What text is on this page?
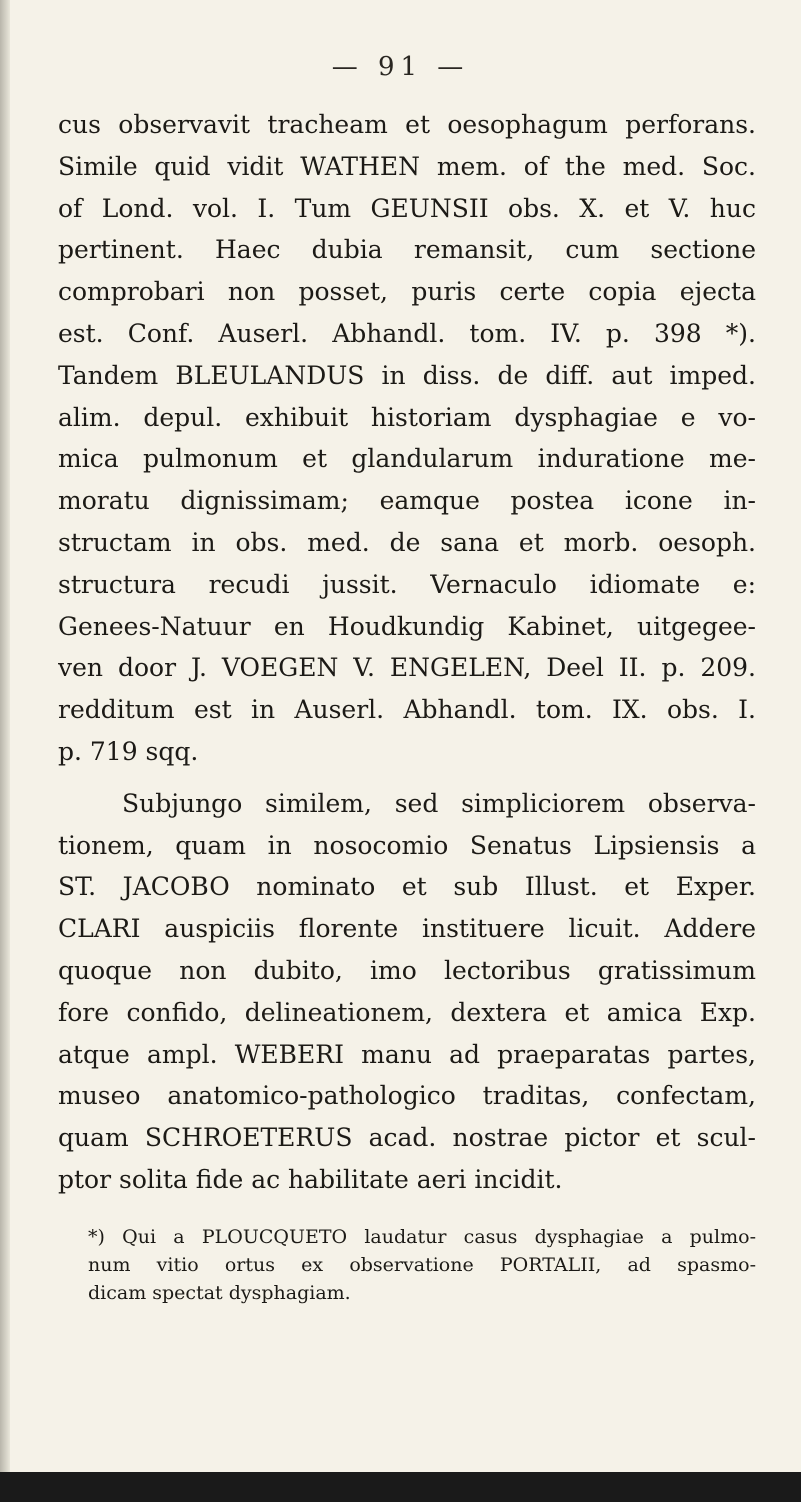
— 91 —
cus observavit tracheam et oesophagum perforans.
Simile quid vidit WATHEN mem. of the med. Soc.
of Lond. vol. I. Tum GEUNSII obs. X. et V. huc
pertinent. Haec dubia remansit, cum sectione
comprobari non posset, puris certe copia ejecta
est. Conf. Auserl. Abhandl. tom. IV. p. 398 *).
Tandem BLEULANDUS in diss. de diff. aut imped.
alim. depul. exhibuit historiam dysphagiae e vo-
mica pulmonum et glandularum induratione me-
moratu dignissimam; eamque postea icone in-
structam in obs. med. de sana et morb. oesoph.
structura recudi jussit. Vernaculo idiomate e:
Genees-Natuur en Houdkundig Kabinet, uitgegee-
ven door J. VOEGEN V. ENGELEN, Deel II. p. 209.
redditum est in Auserl. Abhandl. tom. IX. obs. I.
p. 719 sqq.
Subjungo similem, sed simpliciorem observa-
tionem, quam in nosocomio Senatus Lipsiensis a
ST. JACOBO nominato et sub Illust. et Exper.
CLARI auspiciis florente instituere licuit. Addere
quoque non dubito, imo lectoribus gratissimum
fore confido, delineationem, dextera et amica Exp.
atque ampl. WEBERI manu ad praeparatas partes,
museo anatomico-pathologico traditas, confectam,
quam SCHROETERUS acad. nostrae pictor et scul-
ptor solita fide ac habilitate aeri incidit.
*) Qui a PLOUCQUETO laudatur casus dysphagiae a pulmo-
num vitio ortus ex observatione PORTALII, ad spasmo-
dicam spectat dysphagiam.
